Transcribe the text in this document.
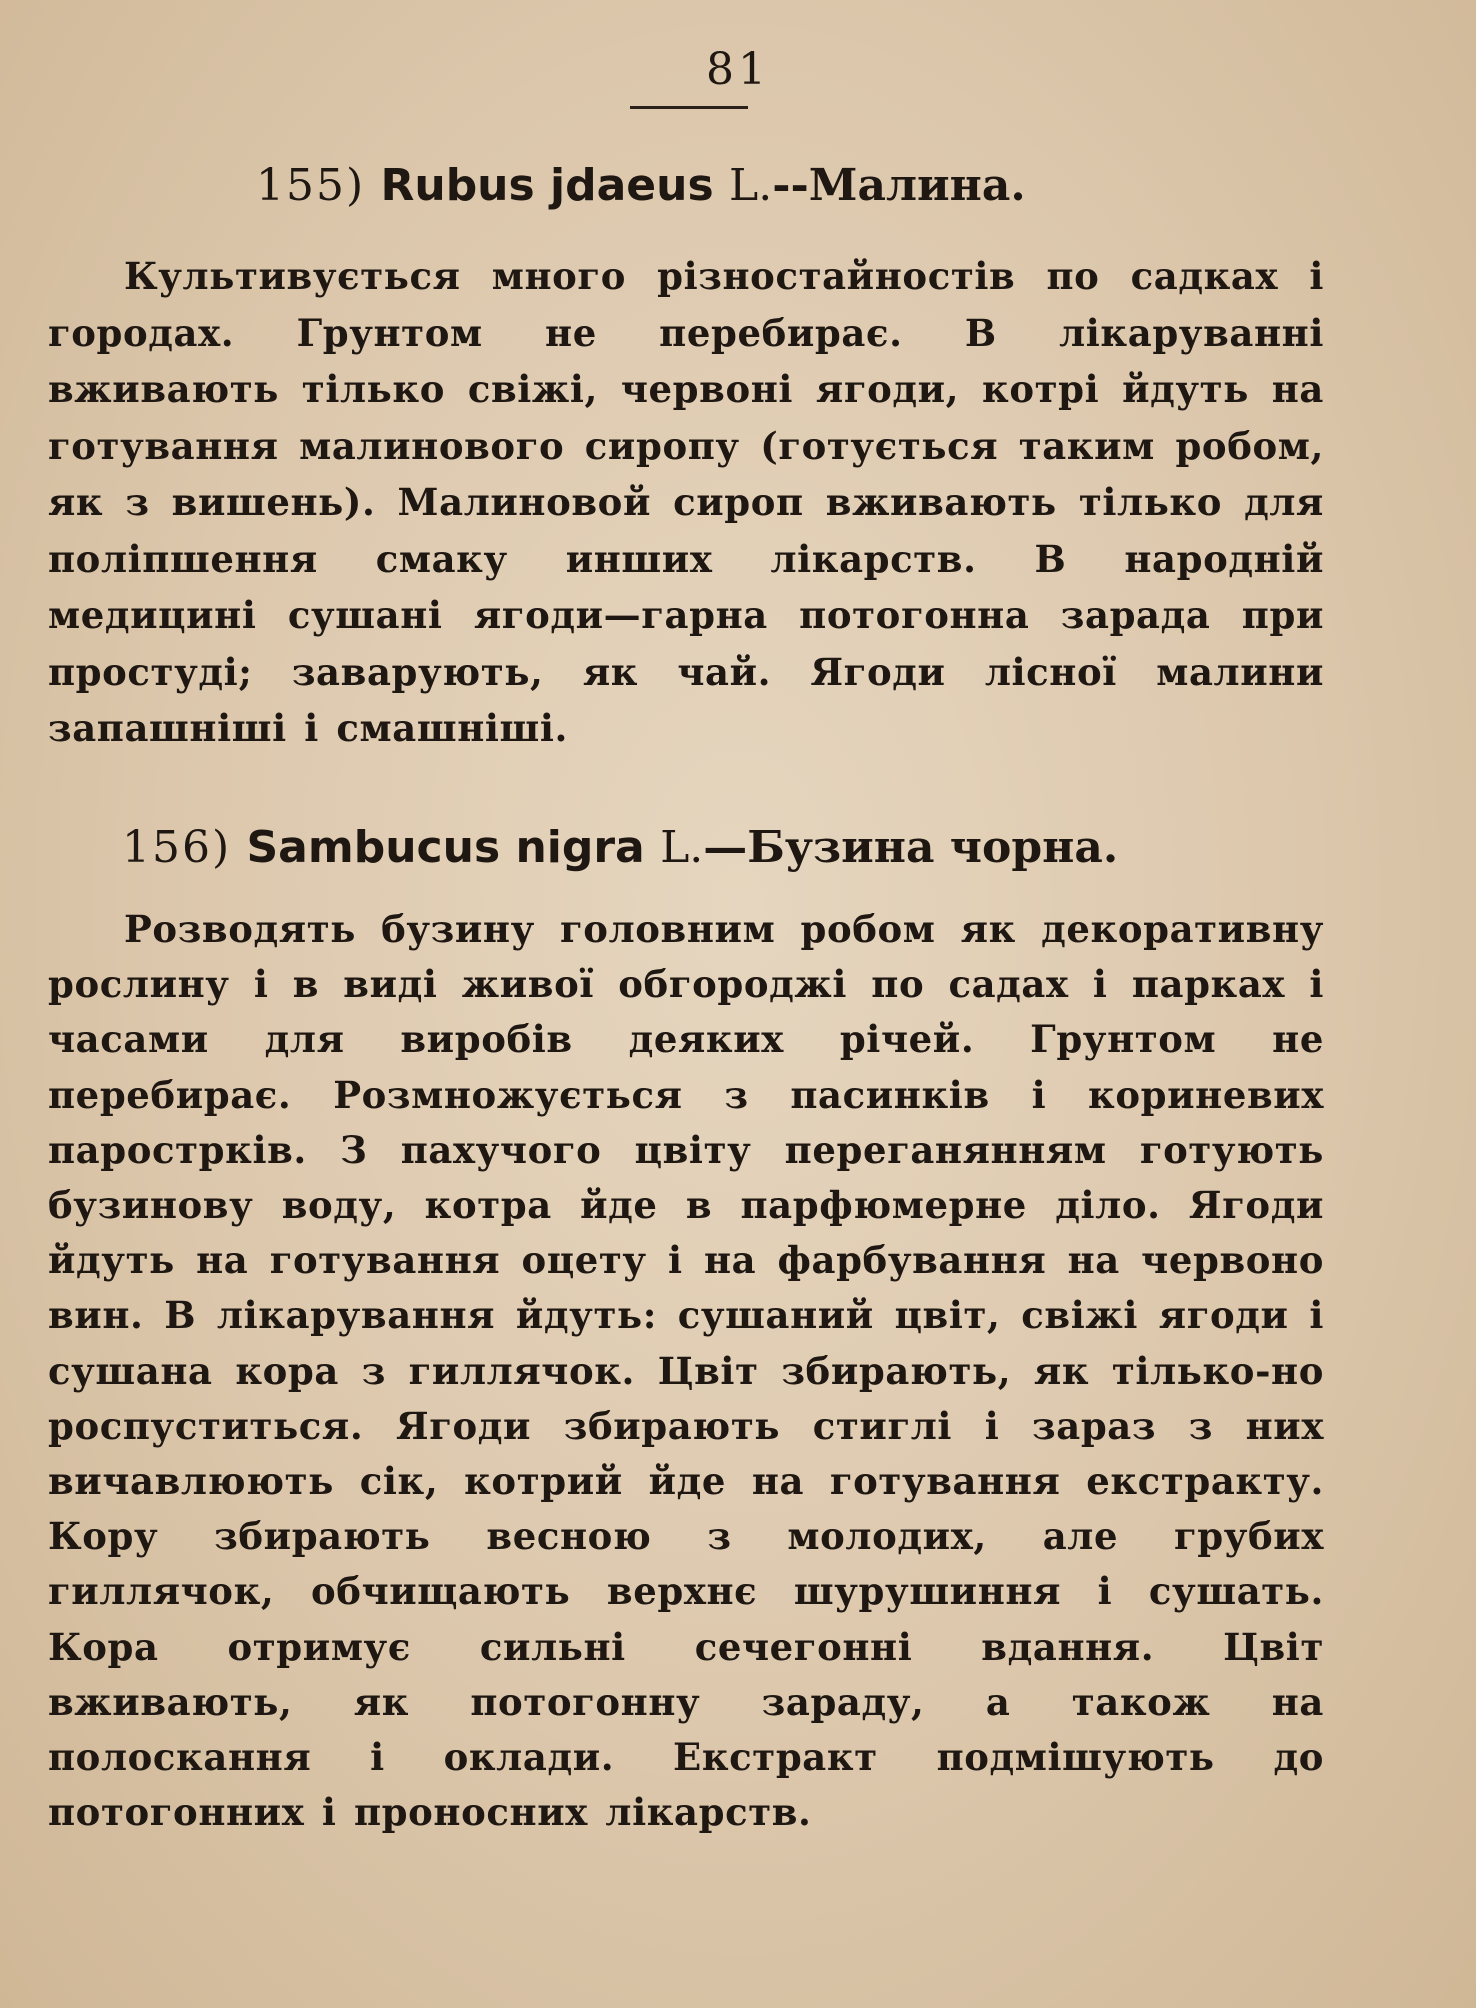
81
155) Rubus jdaeus L.--Малина.

Культивується много різностайностів по садках і городах. Грунтом не перебирає. В лікаруванні вживають тілько свіжі, червоні ягоди, котрі йдуть на готування малинового сиропу (готується таким робом, як з вишень). Малиновой сироп вживають тілько для поліпшення смаку инших лікарств. В народній медицині сушані ягоди—гарна потогонна зарада при простуді; заварують, як чай. Ягоди лісної малини запашніші і смашніші.

156) Sambucus nigra L.—Бузина чорна.

Розводять бузину головним робом як декоративну рослину і в виді живої обгороджі по садах і парках і часами для виробів деяких річей. Грунтом не перебирає. Розмножується з пасинків і кориневих парострків. З пахучого цвіту переганянням готують бузинову воду, котра йде в парфюмерне діло. Ягоди йдуть на готування оцету і на фарбування на червоно вин. В лікарування йдуть: сушаний цвіт, свіжі ягоди і сушана кора з гиллячок. Цвіт збирають, як тілько-но роспуститься. Ягоди збирають стиглі і зараз з них вичавлюють сік, котрий йде на готування екстракту. Кору збирають весною з молодих, але грубих гиллячок, обчищають верхнє шурушиння і сушать. Кора отримує сильні сечегонні вдання. Цвіт вживають, як потогонну зараду, а також на полоскання і оклади. Екстракт подмішують до потогонних і проносних лікарств.
